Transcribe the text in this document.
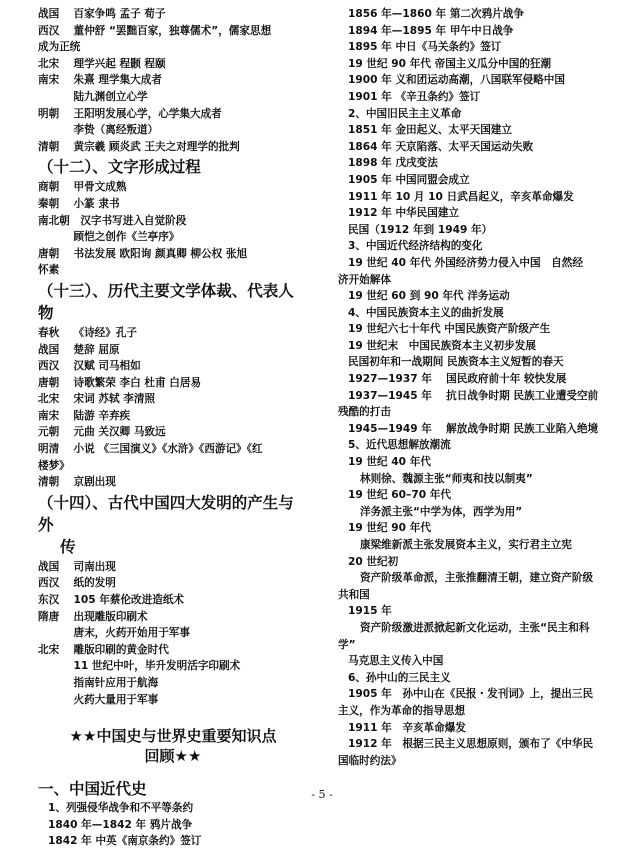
战国　 百家争鸣 孟子 荀子
西汉　 董仲舒 “罢黜百家，独尊儒术”，儒家思想
成为正统
北宋　 理学兴起 程颢 程颐
南宋　 朱熹 理学集大成者
　　　 陆九渊创立心学
明朝　 王阳明发展心学，心学集大成者
　　　 李贽（离经叛道）
清朝　 黄宗羲 顾炎武 王夫之对理学的批判
（十二）、文字形成过程
商朝　 甲骨文成熟
秦朝　 小篆 隶书
南北朝　汉字书写进入自觉阶段
　　　 顾恺之创作《兰亭序》
唐朝　 书法发展 欧阳询 颜真卿 柳公权 张旭
怀素
（十三）、历代主要文学体裁、代表人物
春秋　 《诗经》孔子
战国　 楚辞 屈原
西汉　 汉赋 司马相如
唐朝　 诗歌繁荣 李白 杜甫 白居易
北宋　 宋词 苏轼 李清照
南宋　 陆游 辛弃疾
元朝　 元曲 关汉卿 马致远
明清　 小说 《三国演义》《水浒》《西游记》《红
楼梦》
清朝　 京剧出现
（十四）、古代中国四大发明的产生与外
传
战国　 司南出现
西汉　 纸的发明
东汉　 105 年蔡伦改进造纸术
隋唐　 出现雕版印刷术
　　　 唐末，火药开始用于军事
北宋　 雕版印刷的黄金时代
　　　 11 世纪中叶，毕升发明活字印刷术
　　　 指南针应用于航海
　　　 火药大量用于军事
★★中国史与世界史重要知识点
回顾★★
一、中国近代史
1、列强侵华战争和不平等条约
1840 年—1842 年 鸦片战争
1842 年 中英《南京条约》签订
1856 年—1860 年 第二次鸦片战争
1894 年—1895 年 甲午中日战争
1895 年 中日《马关条约》签订
19 世纪 90 年代 帝国主义瓜分中国的狂潮
1900 年 义和团运动高潮，八国联军侵略中国
1901 年 《辛丑条约》签订
2、中国旧民主主义革命
1851 年 金田起义、太平天国建立
1864 年 天京陷落、太平天国运动失败
1898 年 戊戌变法
1905 年 中国同盟会成立
1911 年 10 月 10 日武昌起义，辛亥革命爆发
1912 年 中华民国建立
民国（1912 年到 1949 年）
3、中国近代经济结构的变化
19 世纪 40 年代 外国经济势力侵入中国　自然经
济开始解体
19 世纪 60 到 90 年代 洋务运动
4、中国民族资本主义的曲折发展
19 世纪六七十年代 中国民族资产阶级产生
19 世纪末　中国民族资本主义初步发展
民国初年和一战期间 民族资本主义短暂的春天
1927—1937 年　 国民政府前十年 较快发展
1937—1945 年　 抗日战争时期 民族工业遭受空前
残酷的打击
1945—1949 年　 解放战争时期 民族工业陷入绝境
5、近代思想解放潮流
19 世纪 40 年代
林则徐、魏源主张“师夷和技以制夷”
19 世纪 60–70 年代
洋务派主张“中学为体，西学为用”
19 世纪 90 年代
康梁维新派主张发展资本主义，实行君主立宪
20 世纪初
资产阶级革命派，主张推翻清王朝，建立资产阶级
共和国
1915 年
资产阶级激进派掀起新文化运动，主张“民主和科
学”
马克思主义传入中国
6、孙中山的三民主义
1905 年　孙中山在《民报・发刊词》上，提出三民
主义，作为革命的指导思想
1911 年　辛亥革命爆发
1912 年　根据三民主义思想原则，颁布了《中华民
国临时约法》
- 5 -
